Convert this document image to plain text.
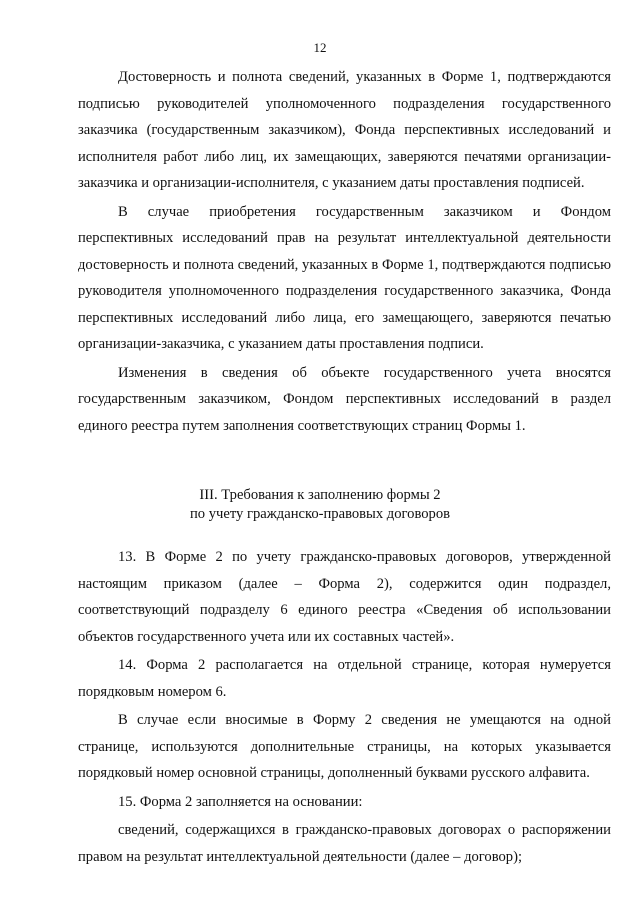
12

Достоверность и полнота сведений, указанных в Форме 1, подтверждаются подписью руководителей уполномоченного подразделения государственного заказчика (государственным заказчиком), Фонда перспективных исследований и исполнителя работ либо лиц, их замещающих, заверяются печатями организации-заказчика и организации-исполнителя, с указанием даты проставления подписей.

В случае приобретения государственным заказчиком и Фондом перспективных исследований прав на результат интеллектуальной деятельности достоверность и полнота сведений, указанных в Форме 1, подтверждаются подписью руководителя уполномоченного подразделения государственного заказчика, Фонда перспективных исследований либо лица, его замещающего, заверяются печатью организации-заказчика, с указанием даты проставления подписи.

Изменения в сведения об объекте государственного учета вносятся государственным заказчиком, Фондом перспективных исследований в раздел единого реестра путем заполнения соответствующих страниц Формы 1.

III. Требования к заполнению формы 2
по учету гражданско-правовых договоров

13. В Форме 2 по учету гражданско-правовых договоров, утвержденной настоящим приказом (далее – Форма 2), содержится один подраздел, соответствующий подразделу 6 единого реестра «Сведения об использовании объектов государственного учета или их составных частей».

14. Форма 2 располагается на отдельной странице, которая нумеруется порядковым номером 6.

В случае если вносимые в Форму 2 сведения не умещаются на одной странице, используются дополнительные страницы, на которых указывается порядковый номер основной страницы, дополненный буквами русского алфавита.

15. Форма 2 заполняется на основании:

сведений, содержащихся в гражданско-правовых договорах о распоряжении правом на результат интеллектуальной деятельности (далее – договор);
